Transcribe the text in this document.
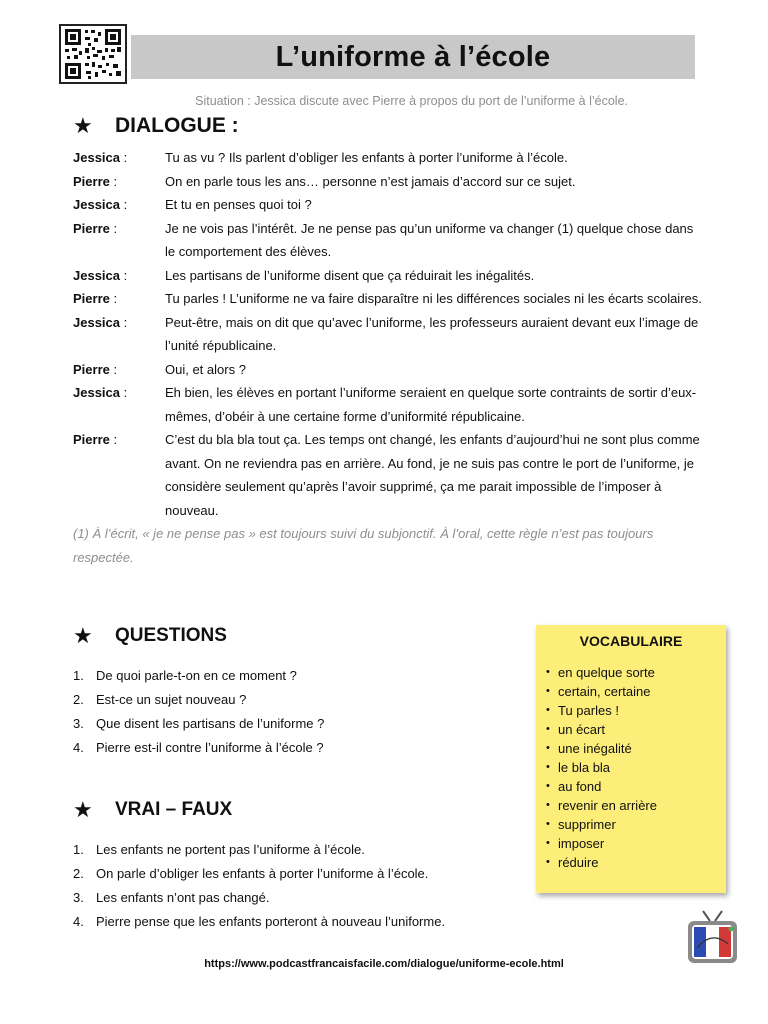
L’uniforme à l’école
Situation : Jessica discute avec Pierre à propos du port de l’uniforme à l’école.
★	DIALOGUE :
Jessica :	Tu as vu ? Ils parlent d’obliger les enfants à porter l’uniforme à l’école.
Pierre :	On en parle tous les ans… personne n’est jamais d’accord sur ce sujet.
Jessica :	Et tu en penses quoi toi ?
Pierre :	Je ne vois pas l’intérêt. Je ne pense pas qu’un uniforme va changer (1) quelque chose dans le comportement des élèves.
Jessica :	Les partisans de l’uniforme disent que ça réduirait les inégalités.
Pierre :	Tu parles ! L’uniforme ne va faire disparaître ni les différences sociales ni les écarts scolaires.
Jessica :	Peut-être, mais on dit que qu’avec l’uniforme, les professeurs auraient devant eux l’image de l’unité républicaine.
Pierre :	Oui, et alors ?
Jessica :	Eh bien, les élèves en portant l’uniforme seraient en quelque sorte contraints de sortir d’eux-mêmes, d’obéir à une certaine forme d’uniformité républicaine.
Pierre :	C’est du bla bla tout ça. Les temps ont changé, les enfants d’aujourd’hui ne sont plus comme avant. On ne reviendra pas en arrière. Au fond, je ne suis pas contre le port de l’uniforme, je considère seulement qu’après l’avoir supprimé, ça me parait impossible de l’imposer à nouveau.
(1) À l’écrit, « je ne pense pas » est toujours suivi du subjonctif. À l’oral, cette règle n’est pas toujours respectée.
★	QUESTIONS
1. De quoi parle-t-on en ce moment ?
2. Est-ce un sujet nouveau ?
3. Que disent les partisans de l’uniforme ?
4. Pierre est-il contre l’uniforme à l’école ?
★	VRAI – FAUX
1. Les enfants ne portent pas l’uniforme à l’école.
2. On parle d’obliger les enfants à porter l’uniforme à l’école.
3. Les enfants n’ont pas changé.
4. Pierre pense que les enfants porteront à nouveau l’uniforme.
VOCABULAIRE
• en quelque sorte
• certain, certaine
• Tu parles !
• un écart
• une inégalité
• le bla bla
• au fond
• revenir en arrière
• supprimer
• imposer
• réduire
https://www.podcastfrancaisfacile.com/dialogue/uniforme-ecole.html
